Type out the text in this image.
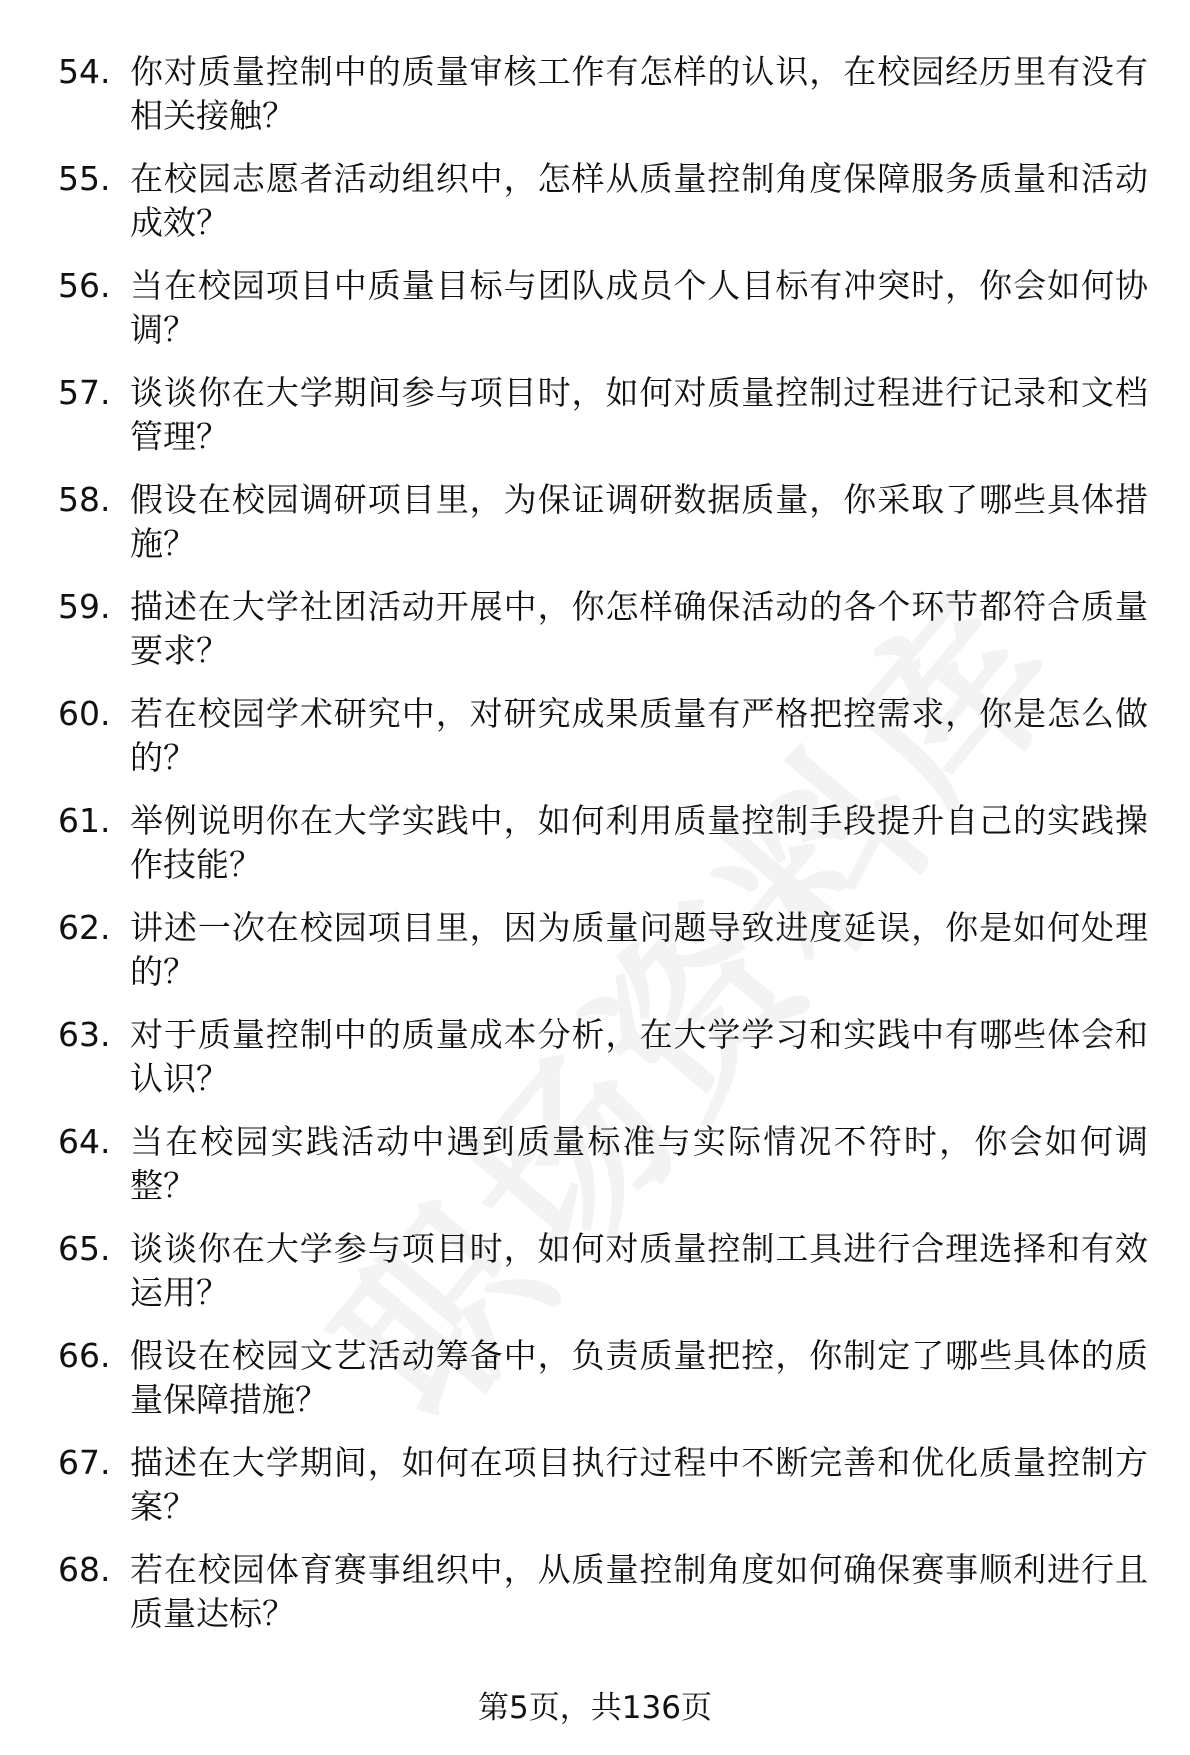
54. 你对质量控制中的质量审核工作有怎样的认识，在校园经历里有没有相关接触？
55. 在校园志愿者活动组织中，怎样从质量控制角度保障服务质量和活动成效？
56. 当在校园项目中质量目标与团队成员个人目标有冲突时，你会如何协调？
57. 谈谈你在大学期间参与项目时，如何对质量控制过程进行记录和文档管理？
58. 假设在校园调研项目里，为保证调研数据质量，你采取了哪些具体措施？
59. 描述在大学社团活动开展中，你怎样确保活动的各个环节都符合质量要求？
60. 若在校园学术研究中，对研究成果质量有严格把控需求，你是怎么做的？
61. 举例说明你在大学实践中，如何利用质量控制手段提升自己的实践操作技能？
62. 讲述一次在校园项目里，因为质量问题导致进度延误，你是如何处理的？
63. 对于质量控制中的质量成本分析，在大学学习和实践中有哪些体会和认识？
64. 当在校园实践活动中遇到质量标准与实际情况不符时，你会如何调整？
65. 谈谈你在大学参与项目时，如何对质量控制工具进行合理选择和有效运用？
66. 假设在校园文艺活动筹备中，负责质量把控，你制定了哪些具体的质量保障措施？
67. 描述在大学期间，如何在项目执行过程中不断完善和优化质量控制方案？
68. 若在校园体育赛事组织中，从质量控制角度如何确保赛事顺利进行且质量达标？
第5页，共136页
